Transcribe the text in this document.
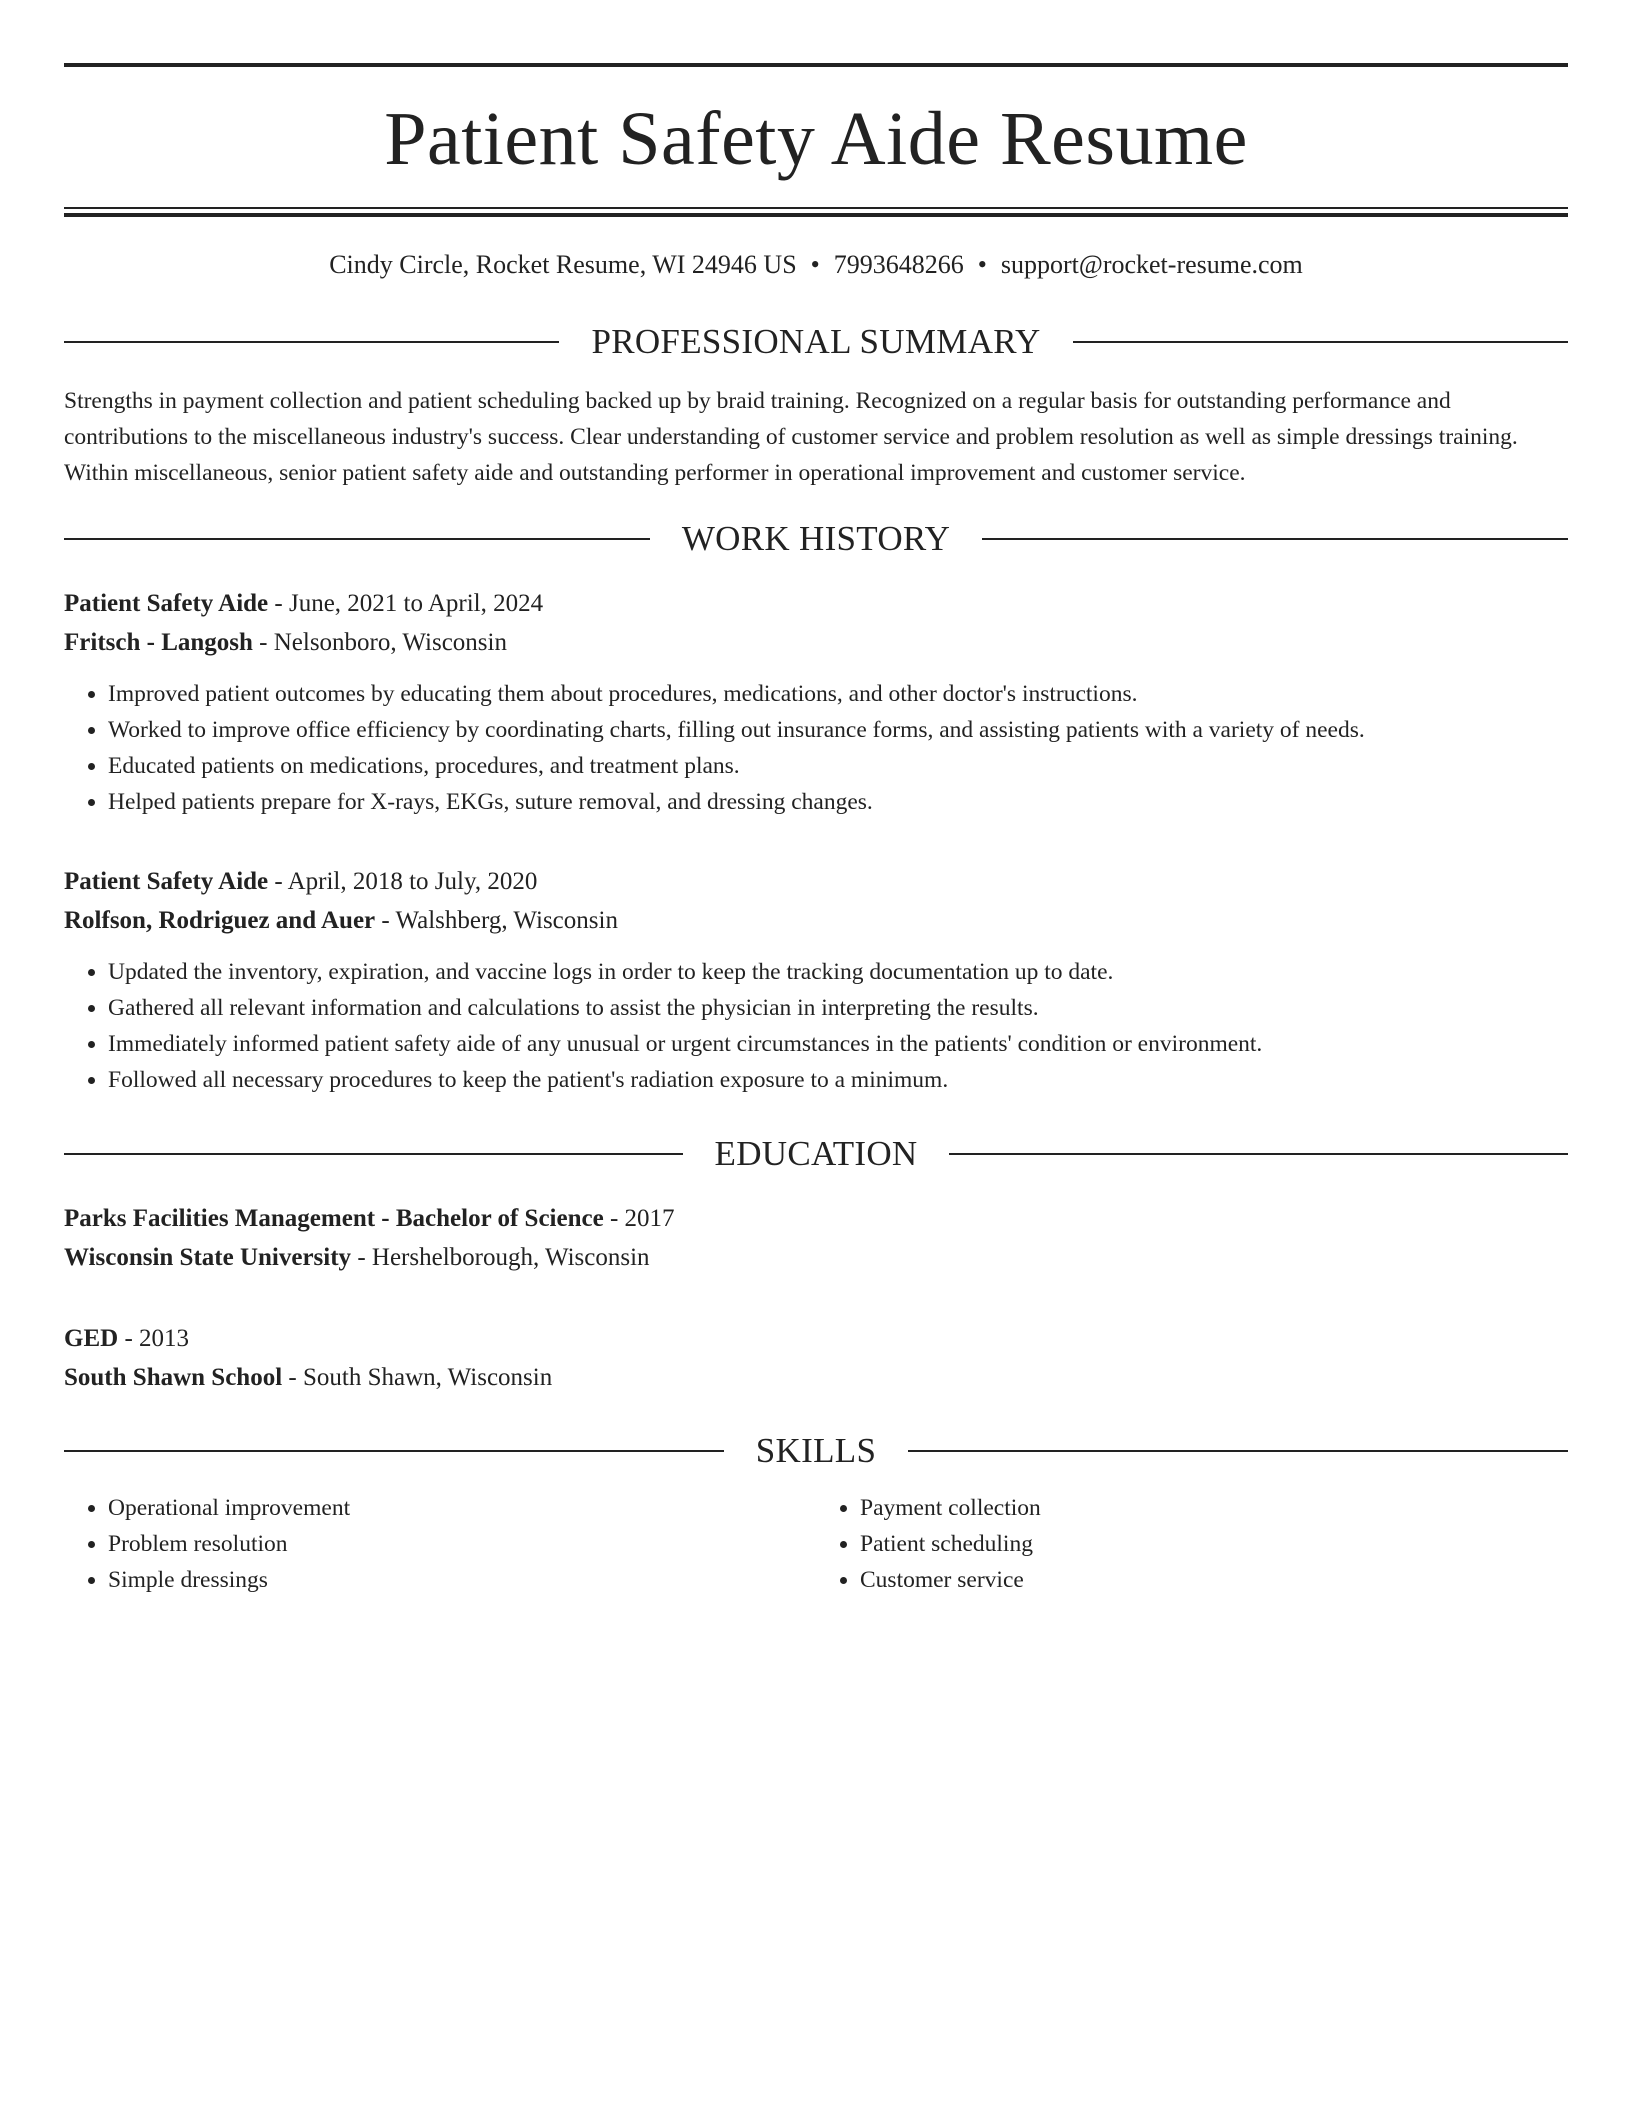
Patient Safety Aide Resume
Cindy Circle, Rocket Resume, WI 24946 US • 7993648266 • support@rocket-resume.com
PROFESSIONAL SUMMARY
Strengths in payment collection and patient scheduling backed up by braid training. Recognized on a regular basis for outstanding performance and contributions to the miscellaneous industry's success. Clear understanding of customer service and problem resolution as well as simple dressings training. Within miscellaneous, senior patient safety aide and outstanding performer in operational improvement and customer service.
WORK HISTORY
Patient Safety Aide - June, 2021 to April, 2024
Fritsch - Langosh - Nelsonboro, Wisconsin
• Improved patient outcomes by educating them about procedures, medications, and other doctor's instructions.
• Worked to improve office efficiency by coordinating charts, filling out insurance forms, and assisting patients with a variety of needs.
• Educated patients on medications, procedures, and treatment plans.
• Helped patients prepare for X-rays, EKGs, suture removal, and dressing changes.
Patient Safety Aide - April, 2018 to July, 2020
Rolfson, Rodriguez and Auer - Walshberg, Wisconsin
• Updated the inventory, expiration, and vaccine logs in order to keep the tracking documentation up to date.
• Gathered all relevant information and calculations to assist the physician in interpreting the results.
• Immediately informed patient safety aide of any unusual or urgent circumstances in the patients' condition or environment.
• Followed all necessary procedures to keep the patient's radiation exposure to a minimum.
EDUCATION
Parks Facilities Management - Bachelor of Science - 2017
Wisconsin State University - Hershelborough, Wisconsin
GED - 2013
South Shawn School - South Shawn, Wisconsin
SKILLS
• Operational improvement
• Problem resolution
• Simple dressings
• Payment collection
• Patient scheduling
• Customer service
